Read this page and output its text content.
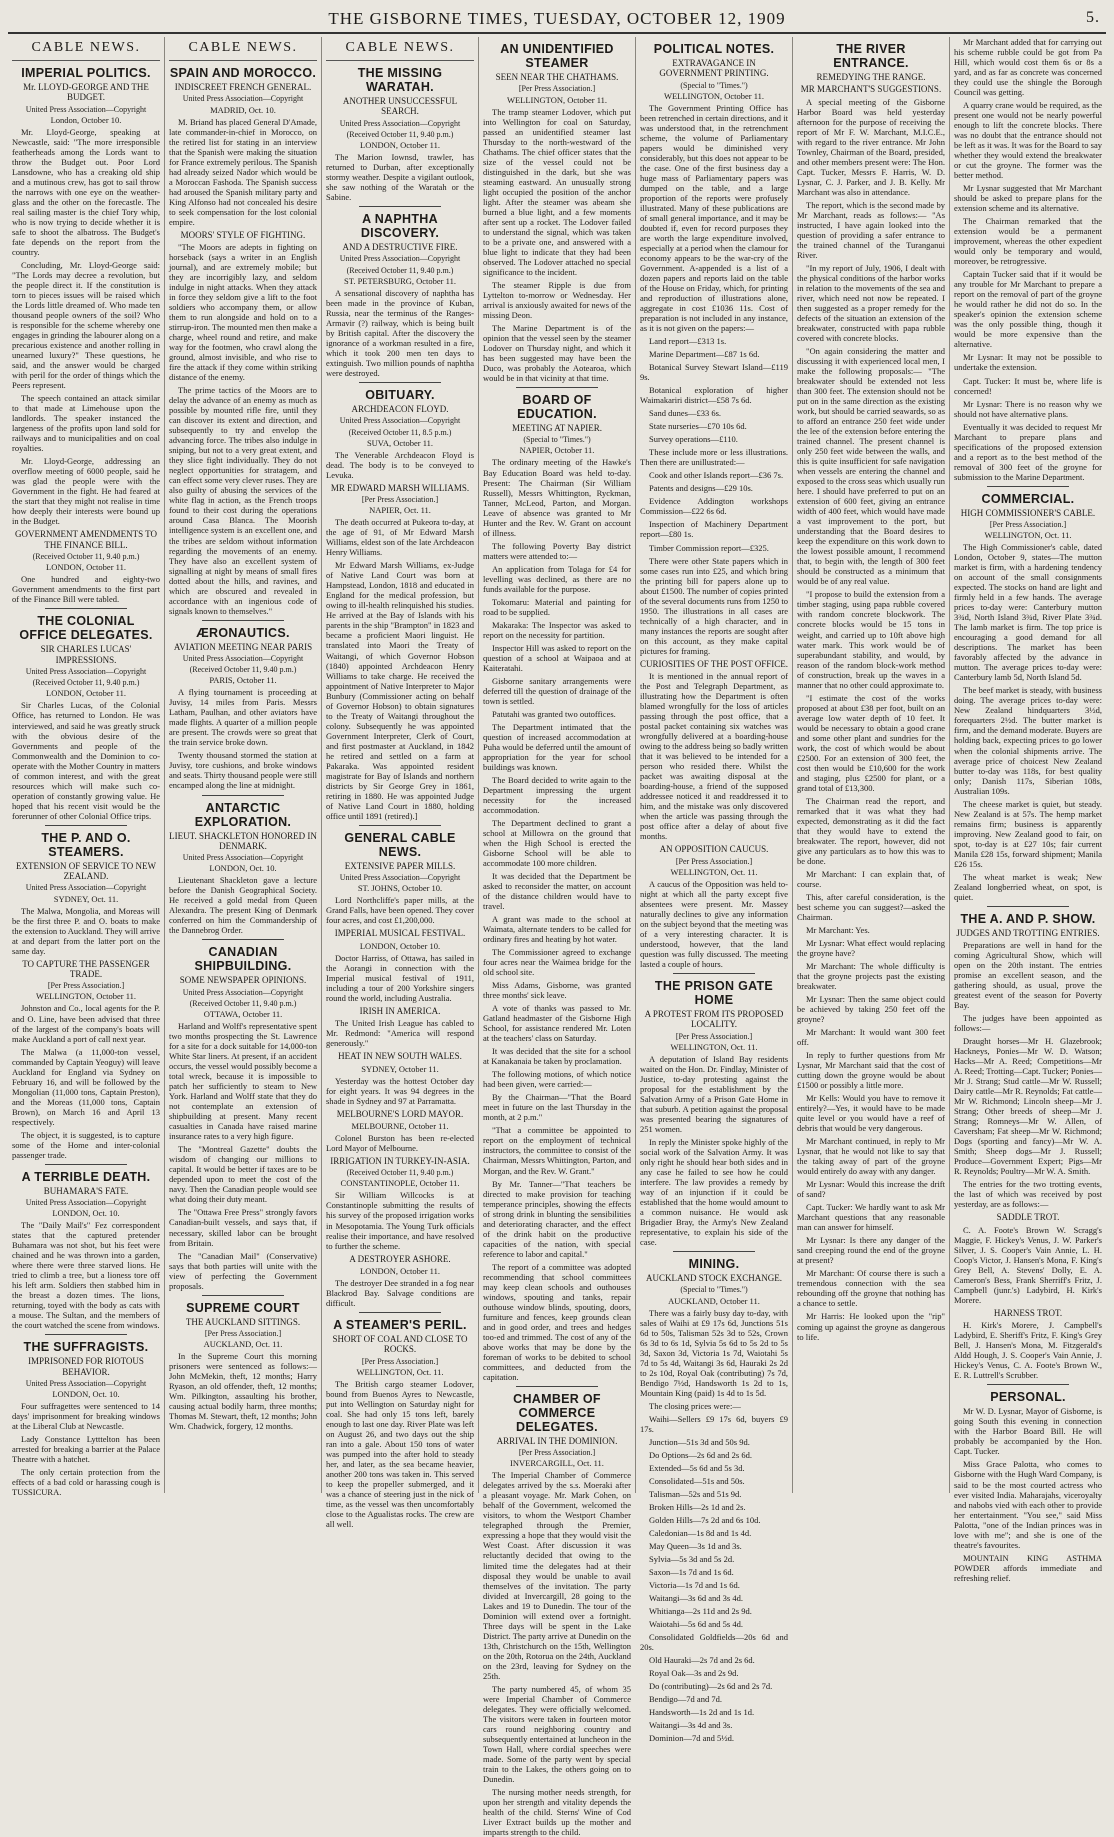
THE GISBORNE TIMES, TUESDAY, OCTOBER 12, 1909	5.
CABLE NEWS.
IMPERIAL POLITICS.
Mr. LLOYD-GEORGE AND THE BUDGET.
United Press Association—Copyright
London, October 10.

Mr. Lloyd-George, speaking at Newcastle, said: "The more irresponsible featherheads among the Lords want to throw the Budget out. Poor Lord Lansdowne, who has a creaking old ship and a mutinous crew, has got to sail throw the narrows with one eye on the weather-glass and the other on the forecastle. The real sailing master is the chief Tory whip, who is now trying to decide whether it is safe to shoot the albatross. The Budget's fate depends on the report from the country.

Concluding, Mr. Lloyd-George said: "The Lords may decree a revolution, but the people direct it. If the constitution is torn to pieces issues will be raised which the Lords little dreamed of. Who made ten thousand people owners of the soil? Who is responsible for the scheme whereby one engages in grinding the labourer along on a precarious existence and another rolling in unearned luxury?" These questions, he said, and the answer would be charged with peril for the order of things which the Peers represent.

The speech contained an attack similar to that made at Limehouse upon the landlords. The speaker instanced the largeness of the profits upon land sold for railways and to municipalities and on coal royalties.

Mr. Lloyd-George, addressing an overflow meeting of 6000 people, said he was glad the people were with the Government in the fight. He had feared at the start that they might not realise in time how deeply their interests were bound up in the Budget.

GOVERNMENT AMENDMENTS TO THE FINANCE BILL.
(Received October 11, 9.40 p.m.)
LONDON, October 11.

One hundred and eighty-two Government amendments to the first part of the Finance Bill were tabled.

THE COLONIAL OFFICE DELEGATES.
SIR CHARLES LUCAS' IMPRESSIONS.
United Press Association—Copyright
(Received October 11, 9.40 p.m.)
LONDON, October 11.

Sir Charles Lucas, of the Colonial Office, has returned to London. He was interviewed, and said he was greatly struck with the obvious desire of the Governments and people of the Commonwealth and the Dominion to co-operate with the Mother Country in matters of common interest, and with the great resources which will make such co-operation of constantly growing value. He hoped that his recent visit would be the forerunner of other Colonial Office trips.

THE P. AND O. STEAMERS.
EXTENSION OF SERVICE TO NEW ZEALAND.
United Press Association—Copyright
SYDNEY, Oct. 11.

The Malwa, Mongolia, and Moreas will be the first three P. and O. boats to make the extension to Auckland. They will arrive at and depart from the latter port on the same day.

TO CAPTURE THE PASSENGER TRADE.
[Per Press Association.]
WELLINGTON, October 11.

Johnston and Co., local agents for the P. and O. Line, have been advised that three of the largest of the company's boats will make Auckland a port of call next year.

The Malwa (a 11,000-ton vessel, commanded by Captain Yeoguy) will leave Auckland for England via Sydney on February 16, and will be followed by the Mongolian (11,000 tons, Captain Preston), and the Moreas (11,000 tons, Captain Brown), on March 16 and April 13 respectively.

The object, it is suggested, is to capture some of the Home and inter-colonial passenger trade.

A TERRIBLE DEATH.
BUHAMARA'S FATE.
United Press Association—Copyright
LONDON, Oct. 10.

The "Daily Mail's" Fez correspondent states that the captured pretender Buhamara was not shot, but his feet were chained and he was thrown into a garden, where there were three starved lions. He tried to climb a tree, but a lioness tore off his left arm. Soldiers then stabbed him in the breast a dozen times. The lions, returning, toyed with the body as cats with a mouse. The Sultan, and the members of the court watched the scene from windows.

THE SUFFRAGISTS.
IMPRISONED FOR RIOTOUS BEHAVIOR.
United Press Association—Copyright
LONDON, Oct. 10.

Four suffragettes were sentenced to 14 days' imprisonment for breaking windows at the Liberal Club at Newcastle.

Lady Constance Lytttelton has been arrested for breaking a barrier at the Palace Theatre with a hatchet.

The only certain protection from the effects of a bad cold or harassing cough is TUSSICURA.

CABLE NEWS.
SPAIN AND MOROCCO.
INDISCREET FRENCH GENERAL.
United Press Association—Copyright
MADRID, Oct. 10.

M. Briand has placed General D'Amade, late commander-in-chief in Morocco, on the retired list for stating in an interview that the Spanish were making the situation for France extremely perilous. The Spanish had already seized Nador which would be a Moroccan Fashoda. The Spanish success had aroused the Spanish military party and King Alfonso had not concealed his desire to seek compensation for the lost colonial empire.

MOORS' STYLE OF FIGHTING.

"The Moors are adepts in fighting on horseback (says a writer in an English journal), and are extremely mobile; but they are incorrigibly lazy, and seldom indulge in night attacks. When they attack in force they seldom give a lift to the foot soldiers who accompany them, or allow them to run alongside and hold on to a stirrup-iron. The mounted men then make a charge, wheel round and retire, and make way for the footmen, who crawl along the ground, almost invisible, and who rise to fire the attack if they come within striking distance of the enemy.

The prime tactics of the Moors are to delay the advance of an enemy as much as possible by mounted rifle fire, until they can discover its extent and direction, and subsequently to try and envelop the advancing force. The tribes also indulge in sniping, but not to a very great extent, and they slice fight individually. They do not neglect opportunities for stratagem, and can effect some very clever ruses. They are also guilty of abusing the services of the white flag in action, as the French troops found to their cost during the operations around Casa Blanca. The Moorish intelligence system is an excellent one, and the tribes are seldom without information regarding the movements of an enemy. They have also an excellent system of signalling at night by means of small fires dotted about the hills, and ravines, and which are obscured and revealed in accordance with an ingenious code of signals known to themselves."

ÆRONAUTICS.
AVIATION MEETING NEAR PARIS
United Press Association—Copyright
(Received October 11, 9.40 p.m.)
PARIS, October 11.

A flying tournament is proceeding at Juvisy, 14 miles from Paris. Messrs Latham, Paulhan, and other aviators have made flights. A quarter of a million people are present. The crowds were so great that the train service broke down.

Twenty thousand stormed the station at Juvisy, tore cushions, and broke windows and seats. Thirty thousand people were still encamped along the line at midnight.

ANTARCTIC EXPLORATION.
LIEUT. SHACKLETON HONORED IN DENMARK.
United Press Association—Copyright
LONDON, Oct. 10.

Lieutenant Shackleton gave a lecture before the Danish Geographical Society. He received a gold medal from Queen Alexandra. The present King of Denmark conferred on him the Commandership of the Dannebrog Order.

CANADIAN SHIPBUILDING.
SOME NEWSPAPER OPINIONS.
United Press Association—Copyright
(Received October 11, 9.40 p.m.)
OTTAWA, October 11.

Harland and Wolff's representative spent two months prospecting the St. Lawrence for a site for a dock suitable for 14,000-ton White Star liners. At present, if an accident occurs, the vessel would possibly become a total wreck, because it is impossible to patch her sufficiently to steam to New York. Harland and Wolff state that they do not contemplate an extension of shipbuilding at present. Many recent casualties in Canada have raised marine insurance rates to a very high figure.

The "Montreal Gazette" doubts the wisdom of changing our millions to capital. It would be better if taxes are to be depended upon to meet the cost of the navy. Then the Canadian people would see what doing their duty meant.

The "Ottawa Free Press" strongly favors Canadian-built vessels, and says that, if necessary, skilled labor can be brought from Britain.

The "Canadian Mail" (Conservative) says that both parties will unite with the view of perfecting the Government proposals.

SUPREME COURT
THE AUCKLAND SITTINGS.
[Per Press Association.]
AUCKLAND, Oct. 11.

In the Supreme Court this morning prisoners were sentenced as follows:— John McMekin, theft, 12 months; Harry Ryason, an old offender, theft, 12 months; Wm. Pilkington, assaulting his brother, causing actual bodily harm, three months; Thomas M. Stewart, theft, 12 months; John Wm. Chadwick, forgery, 12 months.

CABLE NEWS.
THE MISSING WARATAH.
ANOTHER UNSUCCESSFUL SEARCH.
United Press Association—Copyright
(Received October 11, 9.40 p.m.)
LONDON, October 11.

The Marion Iownsd, trawler, has returned to Durban, after exceptionally stormy weather. Despite a vigilant outlook, she saw nothing of the Waratah or the Sabine.

A NAPHTHA DISCOVERY.
AND A DESTRUCTIVE FIRE.
United Press Association—Copyright
(Received October 11, 9.40 p.m.)
ST. PETERSBURG, October 11.

A sensational discovery of naphtha has been made in the province of Kuban, Russia, near the terminus of the Ranges-Armavir (?) railway, which is being built by British capital. After the discovery the ignorance of a workman resulted in a fire, which it took 200 men ten days to extinguish. Two million pounds of naphtha were destroyed.

OBITUARY.
ARCHDEACON FLOYD.
United Press Association—Copyright
(Received October 11, 8.5 p.m.)
SUVA, October 11.

The Venerable Archdeacon Floyd is dead. The body is to be conveyed to Levuka.

MR EDWARD MARSH WILLIAMS.
[Per Press Association.]
NAPIER, Oct. 11.

The death occurred at Pukeora to-day, at the age of 91, of Mr Edward Marsh Williams, eldest son of the late Archdeacon Henry Williams.

Mr Edward Marsh Williams, ex-Judge of Native Land Court was born at Hampstead, London, 1818 and educated in England for the medical profession, but owing to ill-health relinquished his studies. He arrived at the Bay of Islands with his parents in the ship "Brampton" in 1823 and became a proficient Maori linguist. He translated into Maori the Treaty of Waitangi, of which Governor Hobson (1840) appointed Archdeacon Henry Williams to take charge. He received the appointment of Native Interpreter to Major Bunbury (Commissioner acting on behalf of Governor Hobson) to obtain signatures to the Treaty of Waitangi throughout the colony. Subsequently he was appointed Government Interpreter, Clerk of Court, and first postmaster at Auckland, in 1842 he retired and settled on a farm at Pakaraka. Was appointed resident magistrate for Bay of Islands and northern districts by Sir George Grey in 1861, retiring in 1880. He was appointed Judge of Native Land Court in 1880, holding office until 1891 (retired).]

GENERAL CABLE NEWS.
EXTENSIVE PAPER MILLS.
United Press Association—Copyright
ST. JOHNS, October 10.

Lord Northcliffe's paper mills, at the Grand Falls, have been opened. They cover four acres, and cost £1,200,000.

IMPERIAL MUSICAL FESTIVAL.
LONDON, October 10.

Doctor Harriss, of Ottawa, has sailed in the Aorangi in connection with the Imperial musical festival of 1911, including a tour of 200 Yorkshire singers round the world, including Australia.

IRISH IN AMERICA.

The United Irish League has cabled to Mr. Redmond: "America will respond generously."

HEAT IN NEW SOUTH WALES.
SYDNEY, October 11.

Yesterday was the hottest October day for eight years. It was 94 degrees in the shade in Sydney and 97 at Parramatta.

MELBOURNE'S LORD MAYOR.
MELBOURNE, October 11.

Colonel Burston has been re-elected Lord Mayor of Melbourne.

IRRIGATION IN TURKEY-IN-ASIA.
(Received October 11, 9.40 p.m.)
CONSTANTINOPLE, October 11.

Sir William Willcocks is at Constantinople submitting the results of his survey of the proposed irrigation works in Mesopotamia. The Young Turk officials realise their importance, and have resolved to further the scheme.

A DESTROYER ASHORE.
LONDON, October 11.

The destroyer Dee stranded in a fog near Blackrod Bay. Salvage conditions are difficult.

A STEAMER'S PERIL.
SHORT OF COAL AND CLOSE TO ROCKS.
[Per Press Association.]
WELLINGTON, Oct. 11.

The British cargo steamer Lodover, bound from Buenos Ayres to Newcastle, put into Wellington on Saturday night for coal. She had only 15 tons left, barely enough to last one day. River Plate was left on August 26, and two days out the ship ran into a gale. About 150 tons of water was pumped into the after hold to steady her, and later, as the sea became heavier, another 200 tons was taken in. This served to keep the propeller submerged, and it was a chance of steering just in the nick of time, as the vessel was then uncomfortably close to the Agualistas rocks. The crew are all well.

AN UNIDENTIFIED STEAMER
SEEN NEAR THE CHATHAMS.
[Per Press Association.]
WELLINGTON, October 11.

The tramp steamer Lodover, which put into Wellington for coal on Saturday, passed an unidentified steamer last Thursday to the north-westward of the Chathams. The chief officer states that the size of the vessel could not be distinguished in the dark, but she was steaming eastward. An unusually strong light occupied the position of the anchor light. After the steamer was abeam she burned a blue light, and a few moments after sent up a rocket. The Lodover failed to understand the signal, which was taken to be a private one, and answered with a blue light to indicate that they had been observed. The Lodover attached no special significance to the incident.

The steamer Ripple is due from Lyttelton to-morrow or Wednesday. Her arrival is anxiously awaited for news of the missing Deon.

The Marine Department is of the opinion that the vessel seen by the steamer Lodover on Thursday night, and which it has been suggested may have been the Duco, was probably the Aotearoa, which would be in that vicinity at that time.

BOARD OF EDUCATION.
MEETING AT NAPIER.
(Special to "Times.")
NAPIER, October 11.

The ordinary meeting of the Hawke's Bay Education Board was held to-day. Present: The Chairman (Sir William Russell), Messrs Whittington, Ryckman, Tanner, McLeod, Parton, and Morgan. Leave of absence was granted to Mr Hunter and the Rev. W. Grant on account of illness.

The following Poverty Bay district matters were attended to:—

An application from Tolaga for £4 for levelling was declined, as there are no funds available for the purpose.

Tokomaru: Material and painting for road to be supplied.

Makaraka: The Inspector was asked to report on the necessity for partition.

Inspector Hill was asked to report on the question of a school at Waipaoa and at Kaiteratahi.

Gisborne sanitary arrangements were deferred till the question of drainage of the town is settled.

Patutahi was granted two outoffices.

The Department intimated that the question of increased accommodation at Puha would be deferred until the amount of appropriation for the year for school buildings was known.

The Board decided to write again to the Department impressing the urgent necessity for the increased accommodation.

The Department declined to grant a school at Millowra on the ground that when the High School is erected the Gisborne School will be able to accommodate 100 more children.

It was decided that the Department be asked to reconsider the matter, on account of the distance children would have to travel.

A grant was made to the school at Waimata, alternate tenders to be called for ordinary fires and heating by hot water.

The Commissioner agreed to exchange four acres near the Waimea bridge for the old school site.

Miss Adams, Gisborne, was granted three months' sick leave.

A vote of thanks was passed to Mr. Gatland headmaster of the Gisborne High School, for assistance rendered Mr. Loten at the teachers' class on Saturday.

It was decided that the site for a school at Kanakanaia be taken by proclamation.

The following motions, of which notice had been given, were carried:—

By the Chairman—"That the Board meet in future on the last Thursday in the month, at 2 p.m."

"That a committee be appointed to report on the employment of technical instructors, the committee to consist of the Chairman, Messrs Whittington, Parton, and Morgan, and the Rev. W. Grant."

By Mr. Tanner—"That teachers be directed to make provision for teaching temperance principles, showing the effects of strong drink in blunting the sensibilities and deteriorating character, and the effect of the drink habit on the productive capacities of the nation, with special reference to labor and capital."

The report of a committee was adopted recommending that school committees may keep clean schools and outhouses windows, spouting and tanks, repair outhouse window blinds, spouting, doors, furniture and fences, keep grounds clean and in good order, and trees and hedges too-ed and trimmed. The cost of any of the above works that may be done by the foreman of works to be debited to school committees, and deducted from the capitation.

CHAMBER OF COMMERCE DELEGATES.
ARRIVAL IN THE DOMINION.
[Per Press Association.]
INVERCARGILL, Oct. 11.

The Imperial Chamber of Commerce delegates arrived by the s.s. Moeraki after a pleasant voyage. Mr. Mark Cohen, on behalf of the Government, welcomed the visitors, to whom the Westport Chamber telegraphed through the Premier, expressing a hope that they would visit the West Coast. After discussion it was reluctantly decided that owing to the limited time the delegates had at their disposal they would be unable to avail themselves of the invitation. The party divided at Invercargill, 28 going to the Lakes and 19 to Dunedin. The tour of the Dominion will extend over a fortnight. Three days will be spent in the Lake District. The party arrive at Dunedin on the 13th, Christchurch on the 15th, Wellington on the 20th, Rotorua on the 24th, Auckland on the 23rd, leaving for Sydney on the 25th.

The party numbered 45, of whom 35 were Imperial Chamber of Commerce delegates. They were officially welcomed. The visitors were taken in fourteen motor cars round neighboring country and subsequently entertained at luncheon in the Town Hall, where cordial speeches were made. Some of the party went by special train to the Lakes, the others going on to Dunedin.

The nursing mother needs strength, for upon her strength and vitality depends the health of the child. Sterns' Wine of Cod Liver Extract builds up the mother and imparts strength to the child.

POLITICAL NOTES.
EXTRAVAGANCE IN GOVERNMENT PRINTING.
(Special to "Times.")
WELLINGTON, October 11.

The Government Printing Office has been retrenched in certain directions, and it was understood that, in the retrenchment scheme, the volume of Parliamentary papers would be diminished very considerably, but this does not appear to be the case. One of the first business day a huge mass of Parliamentary papers was dumped on the table, and a large proportion of the reports were profusely illustrated. Many of these publications are of small general importance, and it may be doubted if, even for record purposes they are worth the large expenditure involved, especially at a period when the clamour for economy appears to be the war-cry of the Government. A-appended is a list of a dozen papers and reports laid on the table of the House on Friday, which, for printing and reproduction of illustrations alone, aggregate in cost £1036 11s. Cost of preparation is not included in any instance, as it is not given on the papers:—

Land report—£313 1s.

Marine Department—£87 1s 6d.

Botanical Survey Stewart Island—£119 9s.

Botanical exploration of higher Waimakariri district—£58 7s 6d.

Sand dunes—£33 6s.

State nurseries—£70 10s 6d.

Survey operations—£110.

These include more or less illustrations. Then there are unillustrated:—

Cook and other Islands report—£36 7s.

Patents and designs—£29 10s.

Evidence Addington workshops Commission—£22 6s 6d.

Inspection of Machinery Department report—£80 1s.

Timber Commission report—£325.

There were other State papers which in some cases run into £25, and which bring the printing bill for papers alone up to about £1500. The number of copies printed of the several documents runs from 1250 to 1950. The illustrations in all cases are technically of a high character, and in many instances the reports are sought after on this account, as they make capital pictures for framing.

CURIOSITIES OF THE POST OFFICE.

It is mentioned in the annual report of the Post and Telegraph Department, as illustrating how the Department is often blamed wrongfully for the loss of articles passing through the post office, that a postal packet containing six watches was wrongfully delivered at a boarding-house owing to the address being so badly written that it was believed to be intended for a person who resided there. Whilst the packet was awaiting disposal at the boarding-house, a friend of the supposed addressee noticed it and readdressed it to him, and the mistake was only discovered when the article was passing through the post office after a delay of about five months.

AN OPPOSITION CAUCUS.
[Per Press Association.]
WELLINGTON, Oct. 11.

A caucus of the Opposition was held to-night at which all the party except five absentees were present. Mr. Massey naturally declines to give any information on the subject beyond that the meeting was of a very interesting character. It is understood, however, that the land question was fully discussed. The meeting lasted a couple of hours.

THE PRISON GATE HOME
A PROTEST FROM ITS PROPOSED LOCALITY.
[Per Press Association.]
WELLINGTON, Oct. 11.

A deputation of Island Bay residents waited on the Hon. Dr. Findlay, Minister of Justice, to-day protesting against the proposal for the establishment by the Salvation Army of a Prison Gate Home in that suburb. A petition against the proposal was presented bearing the signatures of 251 women.

In reply the Minister spoke highly of the social work of the Salvation Army. It was only right he should hear both sides and in any case he failed to see how he could interfere. The law provides a remedy by way of an injunction if it could be established that the home would amount to a common nuisance. He would ask Brigadier Bray, the Army's New Zealand representative, to explain his side of the case.

MINING.
AUCKLAND STOCK EXCHANGE.
(Special to "Times.")
AUCKLAND, October 11.

There was a fairly busy day to-day, with sales of Waihi at £9 17s 6d, Junctions 51s 6d to 50s, Talisman 52s 3d to 52s, Crown 6s 3d to 6s 1d, Sylvia 5s 6d to 5s 2d to 5s 3d, Saxon 3d, Victoria 1s 7d, Waiotahi 5s 7d to 5s 4d, Waitangi 3s 6d, Hauraki 2s 2d to 2s 10d, Royal Oak (contributing) 7s 7d, Bendigo 7½d, Handsworth 1s 2d to 1s, Mountain King (paid) 1s 4d to 1s 5d.

The closing prices were:—

Waihi—Sellers £9 17s 6d, buyers £9 17s.

Junction—51s 3d and 50s 9d.

Do Options—2s 6d and 2s 6d.

Extended—5s 6d and 5s 3d.

Consolidated—51s and 50s.

Talisman—52s and 51s 9d.

Broken Hills—2s 1d and 2s.

Golden Hills—7s 2d and 6s 10d.

Caledonian—1s 8d and 1s 4d.

May Queen—3s 1d and 3s.

Sylvia—5s 3d and 5s 2d.

Saxon—1s 7d and 1s 6d.

Victoria—1s 7d and 1s 6d.

Waitangi—3s 6d and 3s 4d.

Whitianga—2s 11d and 2s 9d.

Waiotahi—5s 6d and 5s 4d.

Consolidated Goldfields—20s 6d and 20s.

Old Hauraki—2s 7d and 2s 6d.

Royal Oak—3s and 2s 9d.

Do (contributing)—2s 6d and 2s 7d.

Bendigo—7d and 7d.

Handsworth—1s 2d and 1s 1d.

Waitangi—3s 4d and 3s.

Dominion—7d and 5½d.

THE RIVER ENTRANCE.
REMEDYING THE RANGE.
MR MARCHANT'S SUGGESTIONS.

A special meeting of the Gisborne Harbor Board was held yesterday afternoon for the purpose of receiving the report of Mr F. W. Marchant, M.I.C.E., with regard to the river entrance. Mr John Townley, Chairman of the Board, presided, and other members present were: The Hon. Capt. Tucker, Messrs F. Harris, W. D. Lysnar, C. J. Parker, and J. B. Kelly. Mr Marchant was also in attendance.

The report, which is the second made by Mr Marchant, reads as follows:— "As instructed, I have again looked into the question of providing a safer entrance to the trained channel of the Turanganui River.

"In my report of July, 1906, I dealt with the physical conditions of the harbor works in relation to the movements of the sea and river, which need not now be repeated. I then suggested as a proper remedy for the defects of the situation an extension of the breakwater, constructed with papa rubble covered with concrete blocks.

"On again considering the matter and discussing it with experienced local men, I make the following proposals:— "The breakwater should be extended not less than 300 feet. The extension should not be put on in the same direction as the existing work, but should be carried seawards, so as to afford an entrance 250 feet wide under the lee of the extension before entering the trained channel. The present channel is only 250 feet wide between the walls, and this is quite insufficient for safe navigation when vessels are entering the channel and exposed to the cross seas which usually run here. I should have preferred to put on an extension of 600 feet, giving an entrance width of 400 feet, which would have made a vast improvement to the port, but understanding that the Board desires to keep the expenditure on this work down to the lowest possible amount, I recommend that, to begin with, the length of 300 feet should be constructed as a minimum that would be of any real value.

"I propose to build the extension from a timber staging, using papa rubble covered with random concrete blockwork. The concrete blocks would be 15 tons in weight, and carried up to 10ft above high water mark. This work would be of superabundant stability, and would, by reason of the random block-work method of construction, break up the waves in a manner that no other could approximate to.

"I estimate the cost of the works proposed at about £38 per foot, built on an average low water depth of 10 feet. It would be necessary to obtain a good crane and some other plant and sundries for the work, the cost of which would be about £2500. For an extension of 300 feet, the cost then would be £10,600 for the work and staging, plus £2500 for plant, or a grand total of £13,300.

The Chairman read the report, and remarked that it was what they had expected, demonstrating as it did the fact that they would have to extend the breakwater. The report, however, did not give any particulars as to how this was to be done.

Mr Marchant: I can explain that, of course.

This, after careful consideration, is the best scheme you can suggest?—asked the Chairman.

Mr Marchant: Yes.

Mr Lysnar: What effect would replacing the groyne have?

Mr Marchant: The whole difficulty is that the groyne projects past the existing breakwater.

Mr Lysnar: Then the same object could be achieved by taking 250 feet off the groyne?

Mr Marchant: It would want 300 feet off.

In reply to further questions from Mr Lysnar, Mr Marchant said that the cost of cutting down the groyne would be about £1500 or possibly a little more.

Mr Kells: Would you have to remove it entirely?—Yes, it would have to be made quite level or you would have a reef of debris that would be very dangerous.

Mr Marchant continued, in reply to Mr Lysnar, that he would not like to say that the taking away of part of the groyne would entirely do away with any danger.

Mr Lysnar: Would this increase the drift of sand?

Capt. Tucker: We hardly want to ask Mr Marchant questions that any reasonable man can answer for himself.

Mr Lysnar: Is there any danger of the sand creeping round the end of the groyne at present?

Mr Marchant: Of course there is such a tremendous connection with the sea rebounding off the groyne that nothing has a chance to settle.

Mr Harris: He looked upon the "rip" coming up against the groyne as dangerous to life.

Mr Marchant added that for carrying out his scheme rubble could be got from Pa Hill, which would cost them 6s or 8s a yard, and as far as concrete was concerned they could use the shingle the Borough Council was getting.

A quarry crane would be required, as the present one would not be nearly powerful enough to lift the concrete blocks. There was no doubt that the entrance should not be left as it was. It was for the Board to say whether they would extend the breakwater or cut the groyne. The former was the better method.

Mr Lysnar suggested that Mr Marchant should be asked to prepare plans for the extension scheme and its alternative.

The Chairman remarked that the extension would be a permanent improvement, whereas the other expedient would only be temporary and would, moreover, be retrogressive.

Captain Tucker said that if it would be any trouble for Mr Marchant to prepare a report on the removal of part of the groyne he would rather he did not do so. In the speaker's opinion the extension scheme was the only possible thing, though it would be more expensive than the alternative.

Mr Lysnar: It may not be possible to undertake the extension.

Capt. Tucker: It must be, where life is concerned!

Mr Lysnar: There is no reason why we should not have alternative plans.

Eventually it was decided to request Mr Marchant to prepare plans and specifications of the proposed extension and a report as to the best method of the removal of 300 feet of the groyne for submission to the Marine Department.

COMMERCIAL.
HIGH COMMISSIONER'S CABLE.
[Per Press Association.]
WELLINGTON, Oct. 11.

The High Commissioner's cable, dated London, October 9, states—The mutton market is firm, with a hardening tendency on account of the small consignments expected. The stocks on hand are light and firmly held in a few hands. The average prices to-day were: Canterbury mutton 3¾d, North Island 3¾d, River Plate 3¾d. The lamb market is firm. The top price is encouraging a good demand for all descriptions. The market has been favorably affected by the advance in mutton. The average prices to-day were: Canterbury lamb 5d, North Island 5d.

The beef market is steady, with business doing. The average prices to-day were: New Zealand hindquarters 3½d, forequarters 2½d. The butter market is firm, and the demand moderate. Buyers are holding back, expecting prices to go lower when the colonial shipments arrive. The average price of choicest New Zealand butter to-day was 118s, for best quality only; Danish 117s, Siberian 108s, Australian 109s.

The cheese market is quiet, but steady. New Zealand is at 57s. The hemp market remains firm; business is apparently improving. New Zealand good to fair, on spot, to-day is at £27 10s; fair current Manila £28 15s, forward shipment; Manila £26 15s.

The wheat market is weak; New Zealand longberried wheat, on spot, is quiet.

THE A. AND P. SHOW.
JUDGES AND TROTTING ENTRIES.

Preparations are well in hand for the coming Agricultural Show, which will open on the 20th instant. The entries promise an excellent season, and the gathering should, as usual, prove the greatest event of the season for Poverty Bay.

The judges have been appointed as follows:—

Draught horses—Mr H. Glazebrook; Hackneys, Ponies—Mr W. D. Watson; Hacks—Mr A. Reed; Competitions—Mr A. Reed; Trotting—Capt. Tucker; Ponies—Mr J. Strang; Stud cattle—Mr W. Russell; Dairy cattle—Mr R. Reynolds; Fat cattle—Mr W. Richmond; Lincoln sheep—Mr J. Strang; Other breeds of sheep—Mr J. Strang; Romneys—Mr W. Allen, of Caversham; Fat sheep—Mr W. Richmond; Dogs (sporting and fancy)—Mr W. A. Smith; Sheep dogs—Mr J. Russell; Produce—Government Expert; Pigs—Mr R. Reynolds; Poultry—Mr W. A. Smith.

The entries for the two trotting events, the last of which was received by post yesterday, are as follows:—

SADDLE TROT.

C. A. Foote's Brown W. Scragg's Maggie, F. Hickey's Venus, J. W. Parker's Silver, J. S. Cooper's Vain Annie, L. H. Coop's Victor, J. Hansen's Mona, F. King's Grey Bell, A. Stevens' Dolly, E. A. Cameron's Bess, Frank Sherriff's Fritz, J. Campbell (junr.'s) Ladybird, H. Kirk's Morere.

HARNESS TROT.

H. Kirk's Morere, J. Campbell's Ladybird, E. Sheriff's Fritz, F. King's Grey Bell, J. Hansen's Mona, M. Fitzgerald's Aldd Hough, J. S. Cooper's Vain Annie, J. Hickey's Venus, C. A. Foote's Brown W., E. R. Luttrell's Scrubber.

PERSONAL.

Mr W. D. Lysnar, Mayor of Gisborne, is going South this evening in connection with the Harbor Board Bill. He will probably be accompanied by the Hon. Capt. Tucker.

Miss Grace Palotta, who comes to Gisborne with the Hugh Ward Company, is said to be the most courted actress who ever visited India. Maharajahs, viceroyalty and nabobs vied with each other to provide her entertainment. "You see," said Miss Palotta, "one of the Indian princes was in love with me"; and she is one of the theatre's favourites.

MOUNTAIN KING ASTHMA POWDER affords immediate and refreshing relief.
